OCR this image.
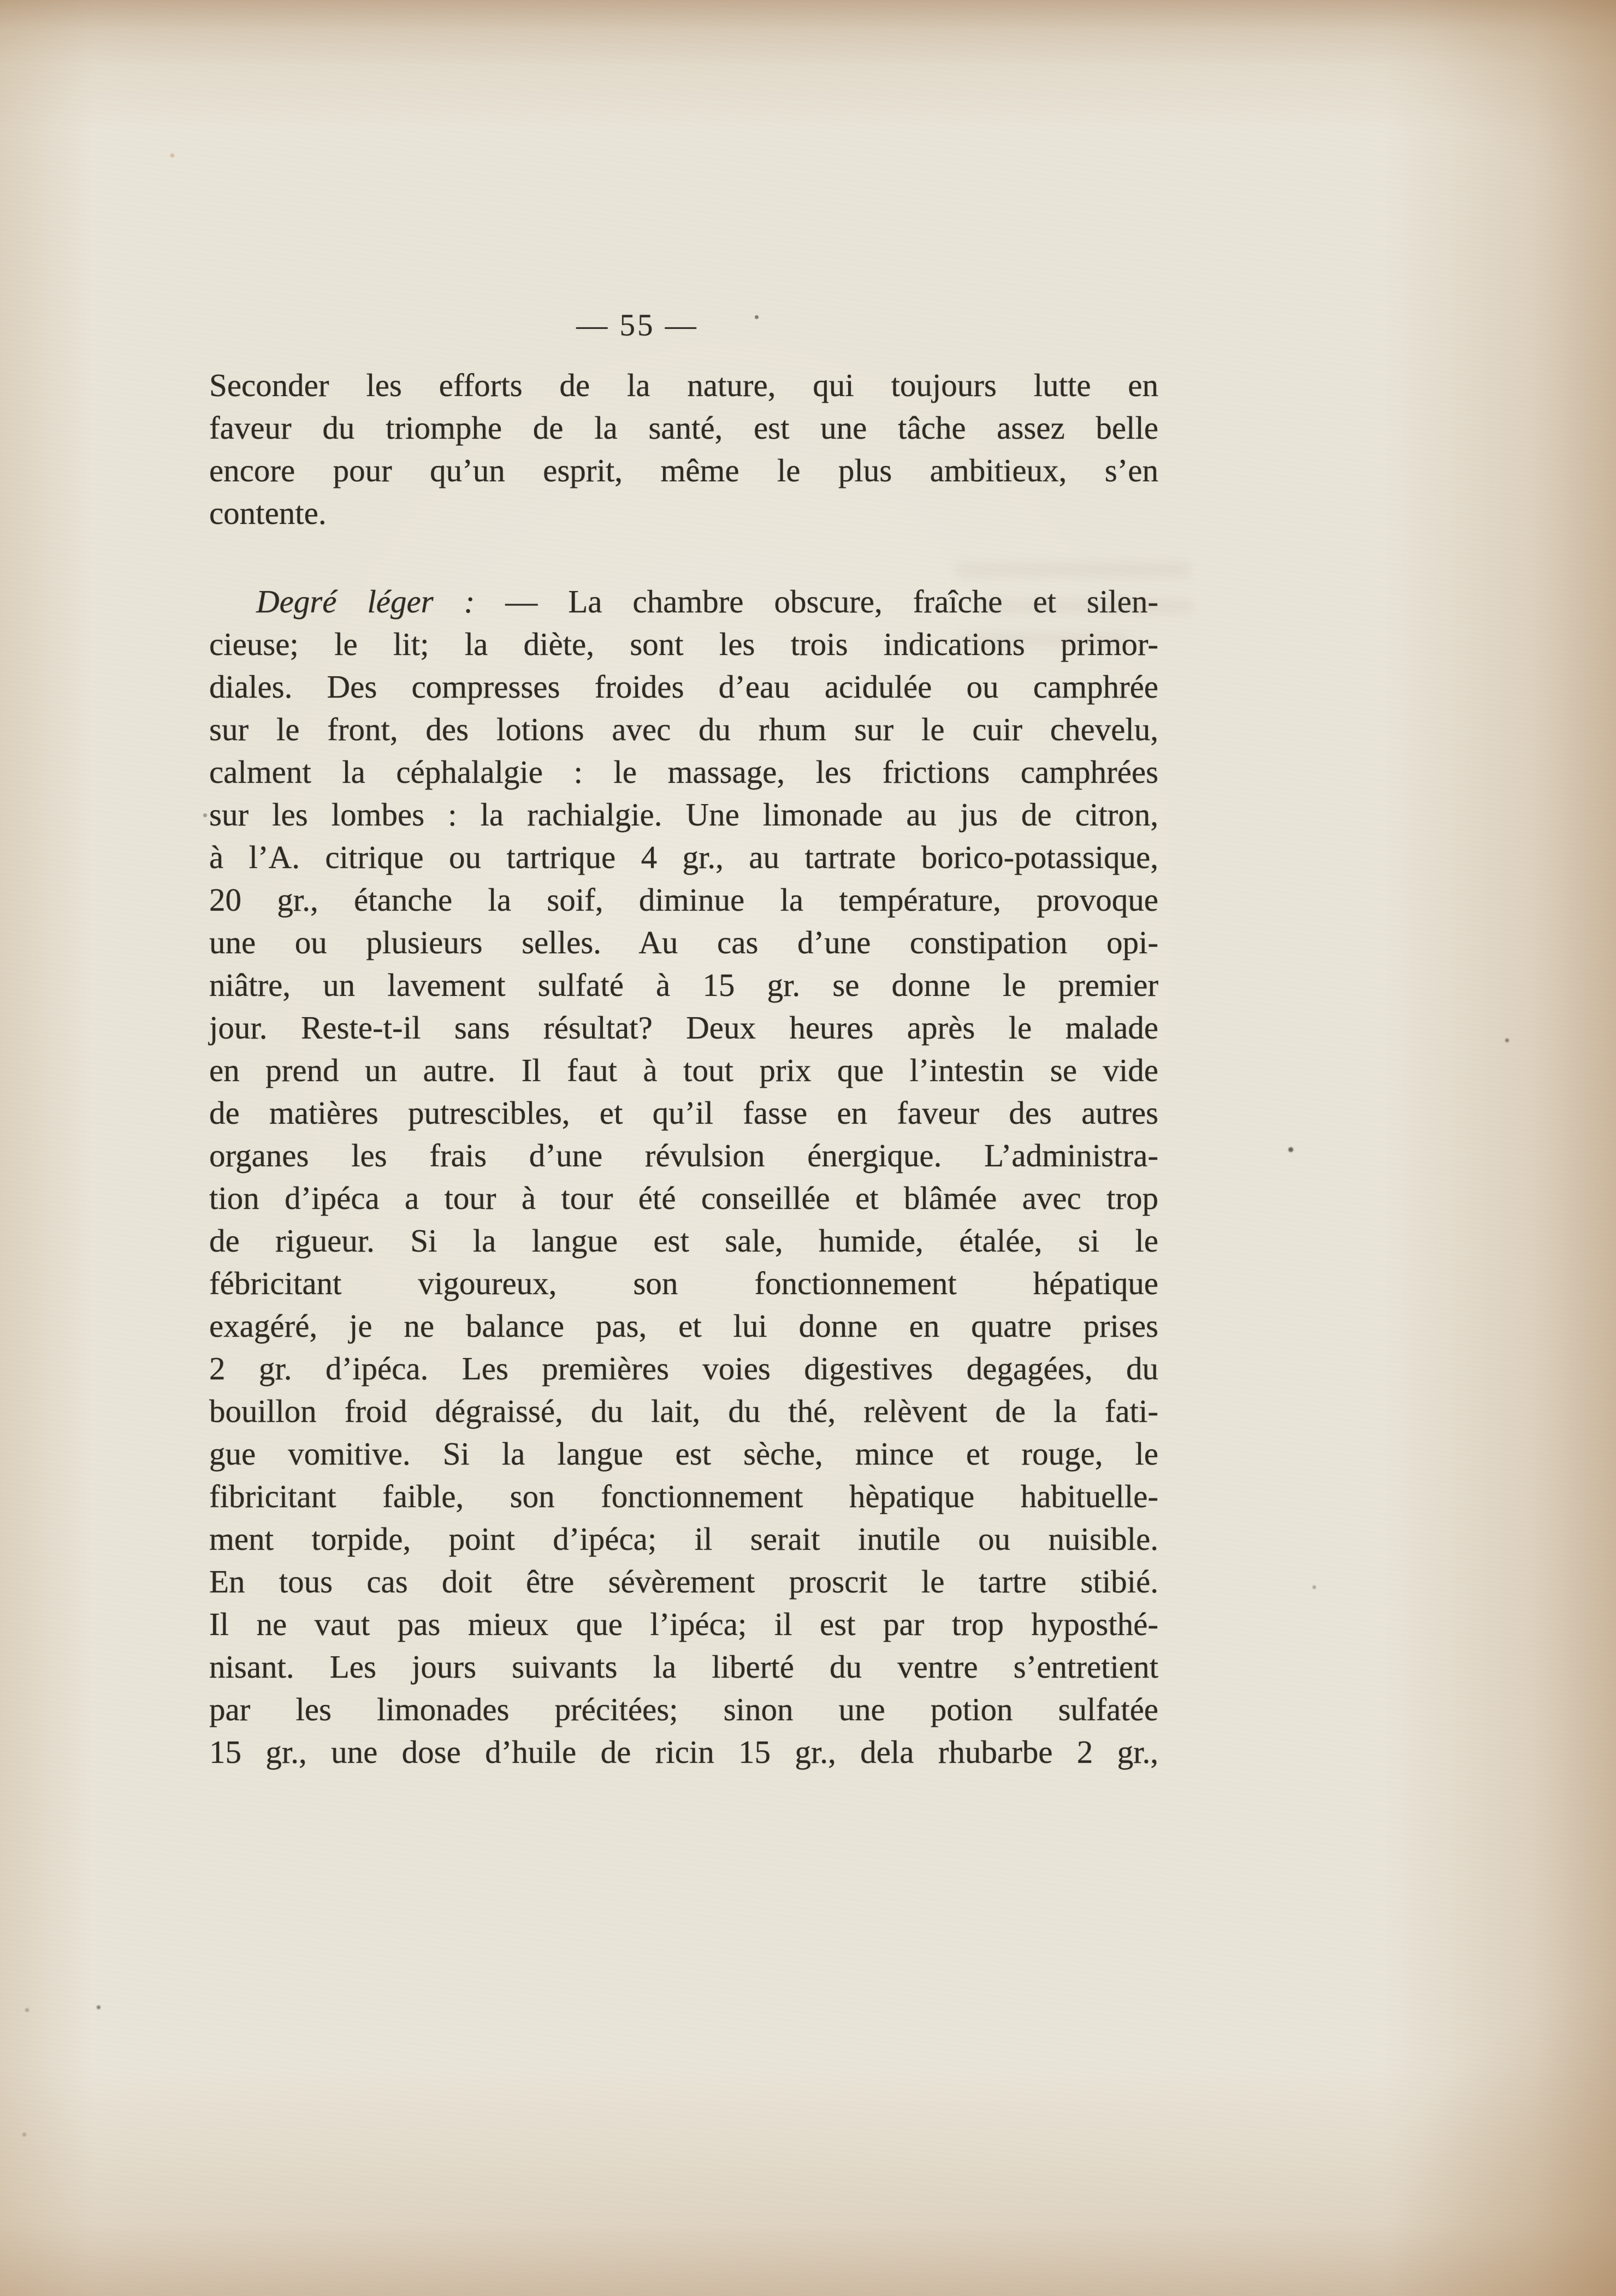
— 55 —
Seconder les efforts de la nature, qui toujours lutte en
faveur du triomphe de la santé, est une tâche assez belle
encore pour qu’un esprit, même le plus ambitieux, s’en
contente.
Degré léger : — La chambre obscure, fraîche et silen-
cieuse; le lit; la diète, sont les trois indications primor-
diales. Des compresses froides d’eau acidulée ou camphrée
sur le front, des lotions avec du rhum sur le cuir chevelu,
calment la céphalalgie : le massage, les frictions camphrées
sur les lombes : la rachialgie. Une limonade au jus de citron,
à l’A. citrique ou tartrique 4 gr., au tartrate borico-potassique,
20 gr., étanche la soif, diminue la température, provoque
une ou plusieurs selles. Au cas d’une constipation opi-
niâtre, un lavement sulfaté à 15 gr. se donne le premier
jour. Reste-t-il sans résultat? Deux heures après le malade
en prend un autre. Il faut à tout prix que l’intestin se vide
de matières putrescibles, et qu’il fasse en faveur des autres
organes les frais d’une révulsion énergique. L’administra-
tion d’ipéca a tour à tour été conseillée et blâmée avec trop
de rigueur. Si la langue est sale, humide, étalée, si le
fébricitant vigoureux, son fonctionnement hépatique
exagéré, je ne balance pas, et lui donne en quatre prises
2 gr. d’ipéca. Les premières voies digestives degagées, du
bouillon froid dégraissé, du lait, du thé, relèvent de la fati-
gue vomitive. Si la langue est sèche, mince et rouge, le
fibricitant faible, son fonctionnement hèpatique habituelle-
ment torpide, point d’ipéca; il serait inutile ou nuisible.
En tous cas doit être sévèrement proscrit le tartre stibié.
Il ne vaut pas mieux que l’ipéca; il est par trop hyposthé-
nisant. Les jours suivants la liberté du ventre s’entretient
par les limonades précitées; sinon une potion sulfatée
15 gr., une dose d’huile de ricin 15 gr., dela rhubarbe 2 gr.,
